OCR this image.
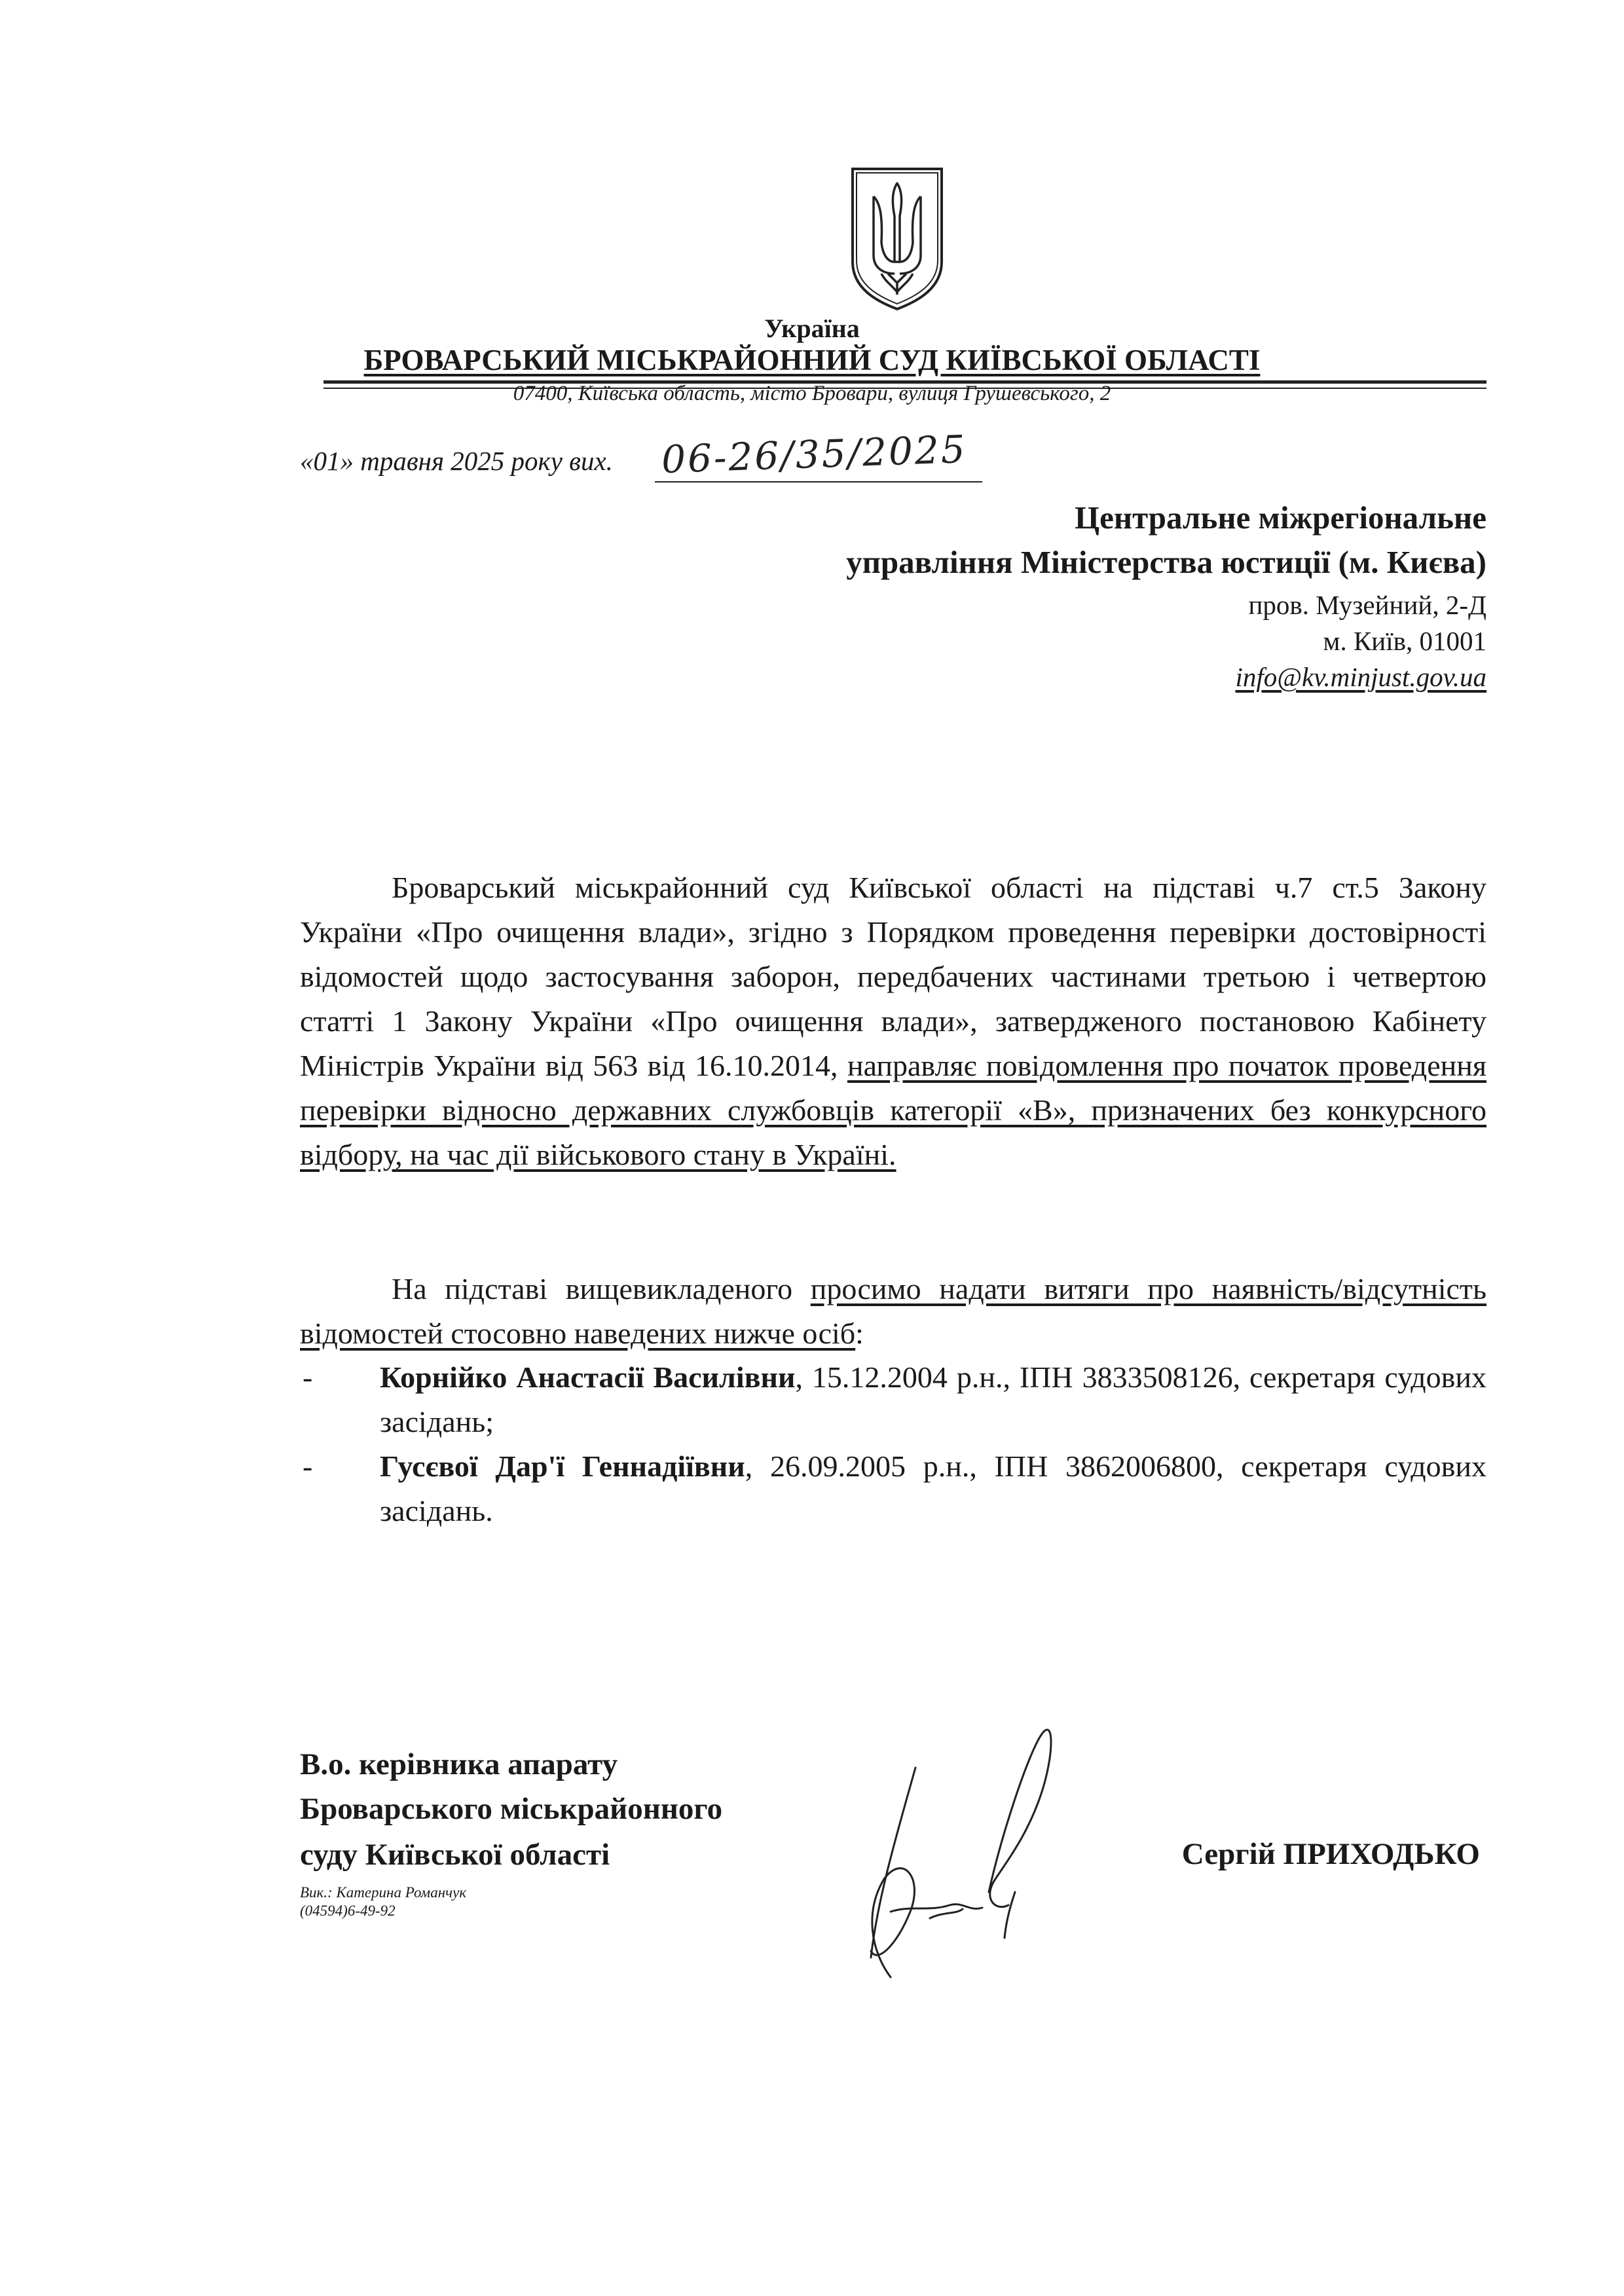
Україна
БРОВАРСЬКИЙ МІСЬКРАЙОННИЙ СУД КИЇВСЬКОЇ ОБЛАСТІ
07400, Київська область, місто Бровари, вулиця Грушевського, 2
«01» травня 2025 року вих. 06-26/35/2025
Центральне міжрегіональне
управління Міністерства юстиції (м. Києва)
пров. Музейний, 2-Д
м. Київ, 01001
info@kv.minjust.gov.ua

Броварський міськрайонний суд Київської області на підставі ч.7 ст.5 Закону України «Про очищення влади», згідно з Порядком проведення перевірки достовірності відомостей щодо застосування заборон, передбачених частинами третьою і четвертою статті 1 Закону України «Про очищення влади», затвердженого постановою Кабінету Міністрів України від 563 від 16.10.2014, направляє повідомлення про початок проведення перевірки відносно державних службовців категорії «В», призначених без конкурсного відбору, на час дії військового стану в Україні.

На підставі вищевикладеного просимо надати витяги про наявність/відсутність відомостей стосовно наведених нижче осіб:

- Корнійко Анастасії Василівни, 15.12.2004 р.н., ІПН 3833508126, секретаря судових засідань;
- Гусєвої Дар'ї Геннадіївни, 26.09.2005 р.н., ІПН 3862006800, секретаря судових засідань.
В.о. керівника апарату
Броварського міськрайонного
суду Київської області
Вик.: Катерина Романчук
(04594)6-49-92
Сергій ПРИХОДЬКО
